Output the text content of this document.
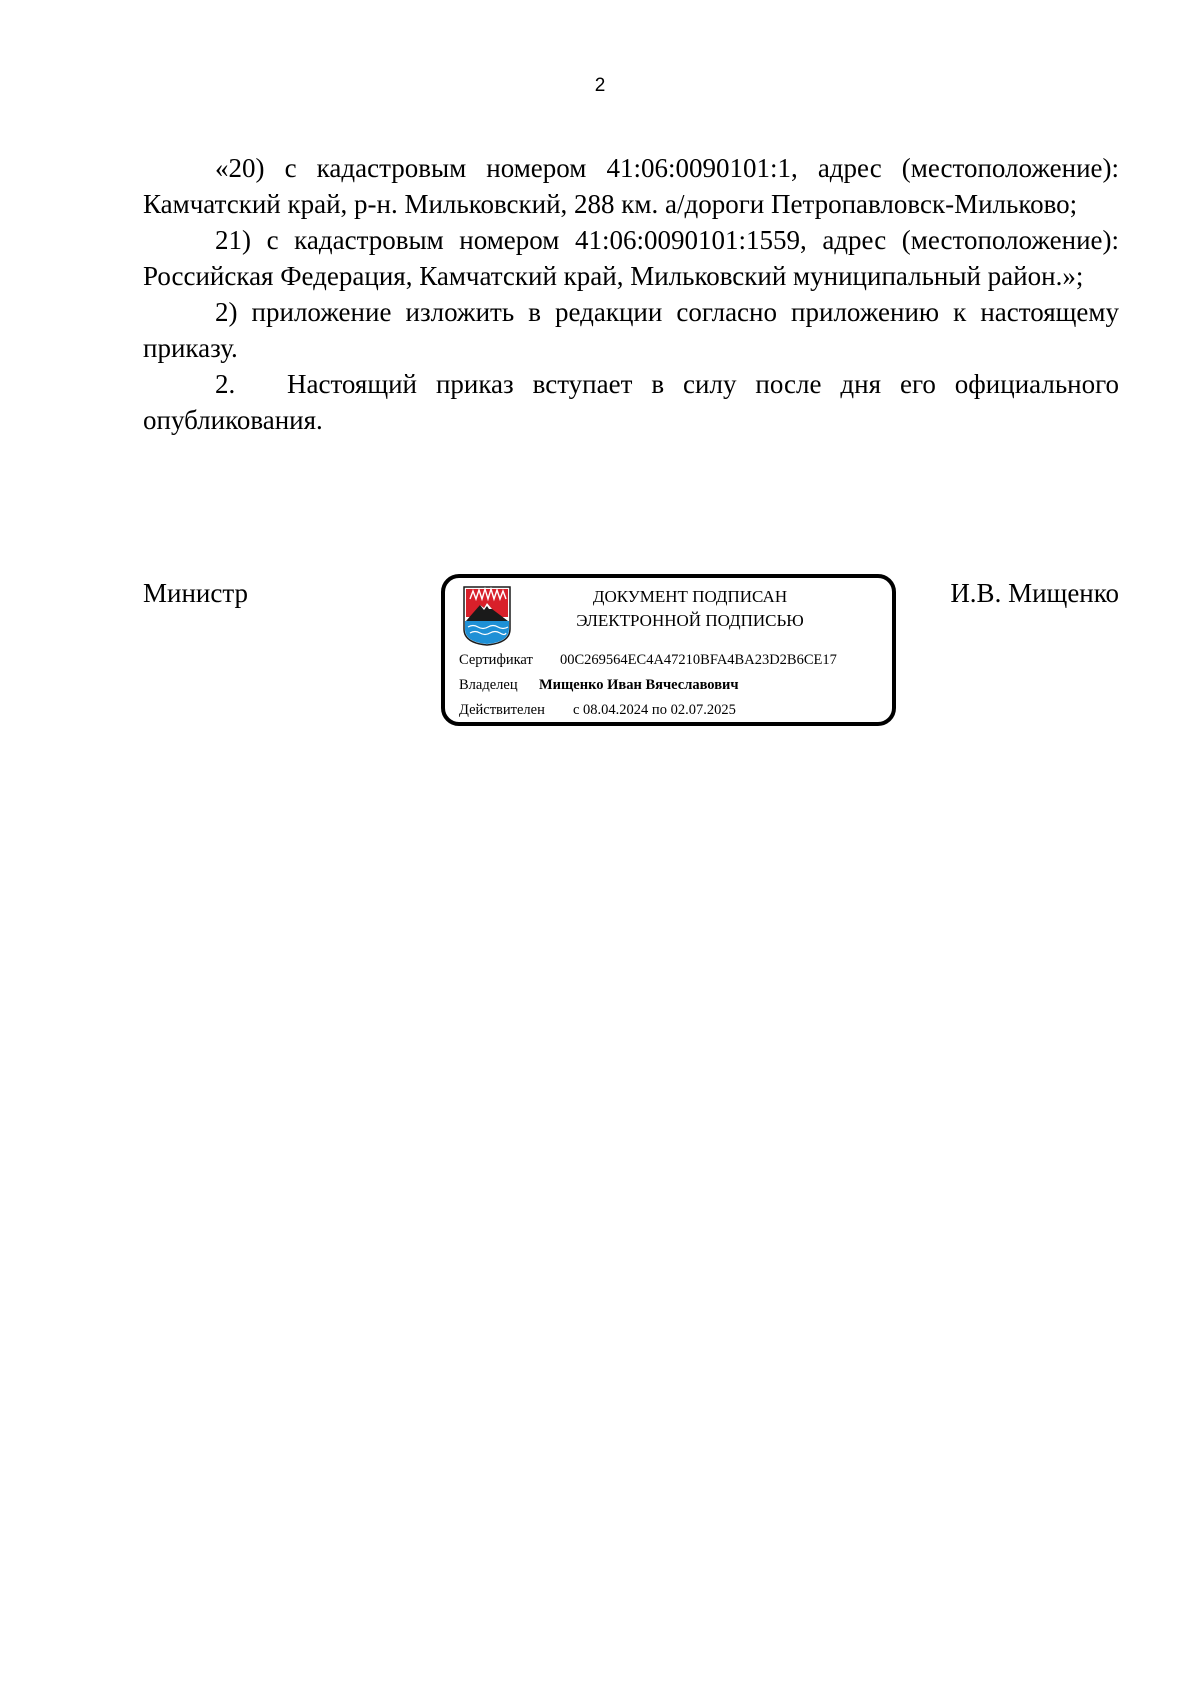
2

«20) с кадастровым номером 41:06:0090101:1, адрес (местоположение): Камчатский край, р-н. Мильковский, 288 км. а/дороги Петропавловск-Мильково;

21) с кадастровым номером 41:06:0090101:1559, адрес (местоположение): Российская Федерация, Камчатский край, Мильковский муниципальный район.»;

2) приложение изложить в редакции согласно приложению к настоящему приказу.

2. Настоящий приказ вступает в силу после дня его официального опубликования.

Министр	И.В. Мищенко
ДОКУМЕНТ ПОДПИСАН
ЭЛЕКТРОННОЙ ПОДПИСЬЮ
Сертификат 00C269564EC4A47210BFA4BA23D2B6CE17
Владелец Мищенко Иван Вячеславович
Действителен с 08.04.2024 по 02.07.2025
